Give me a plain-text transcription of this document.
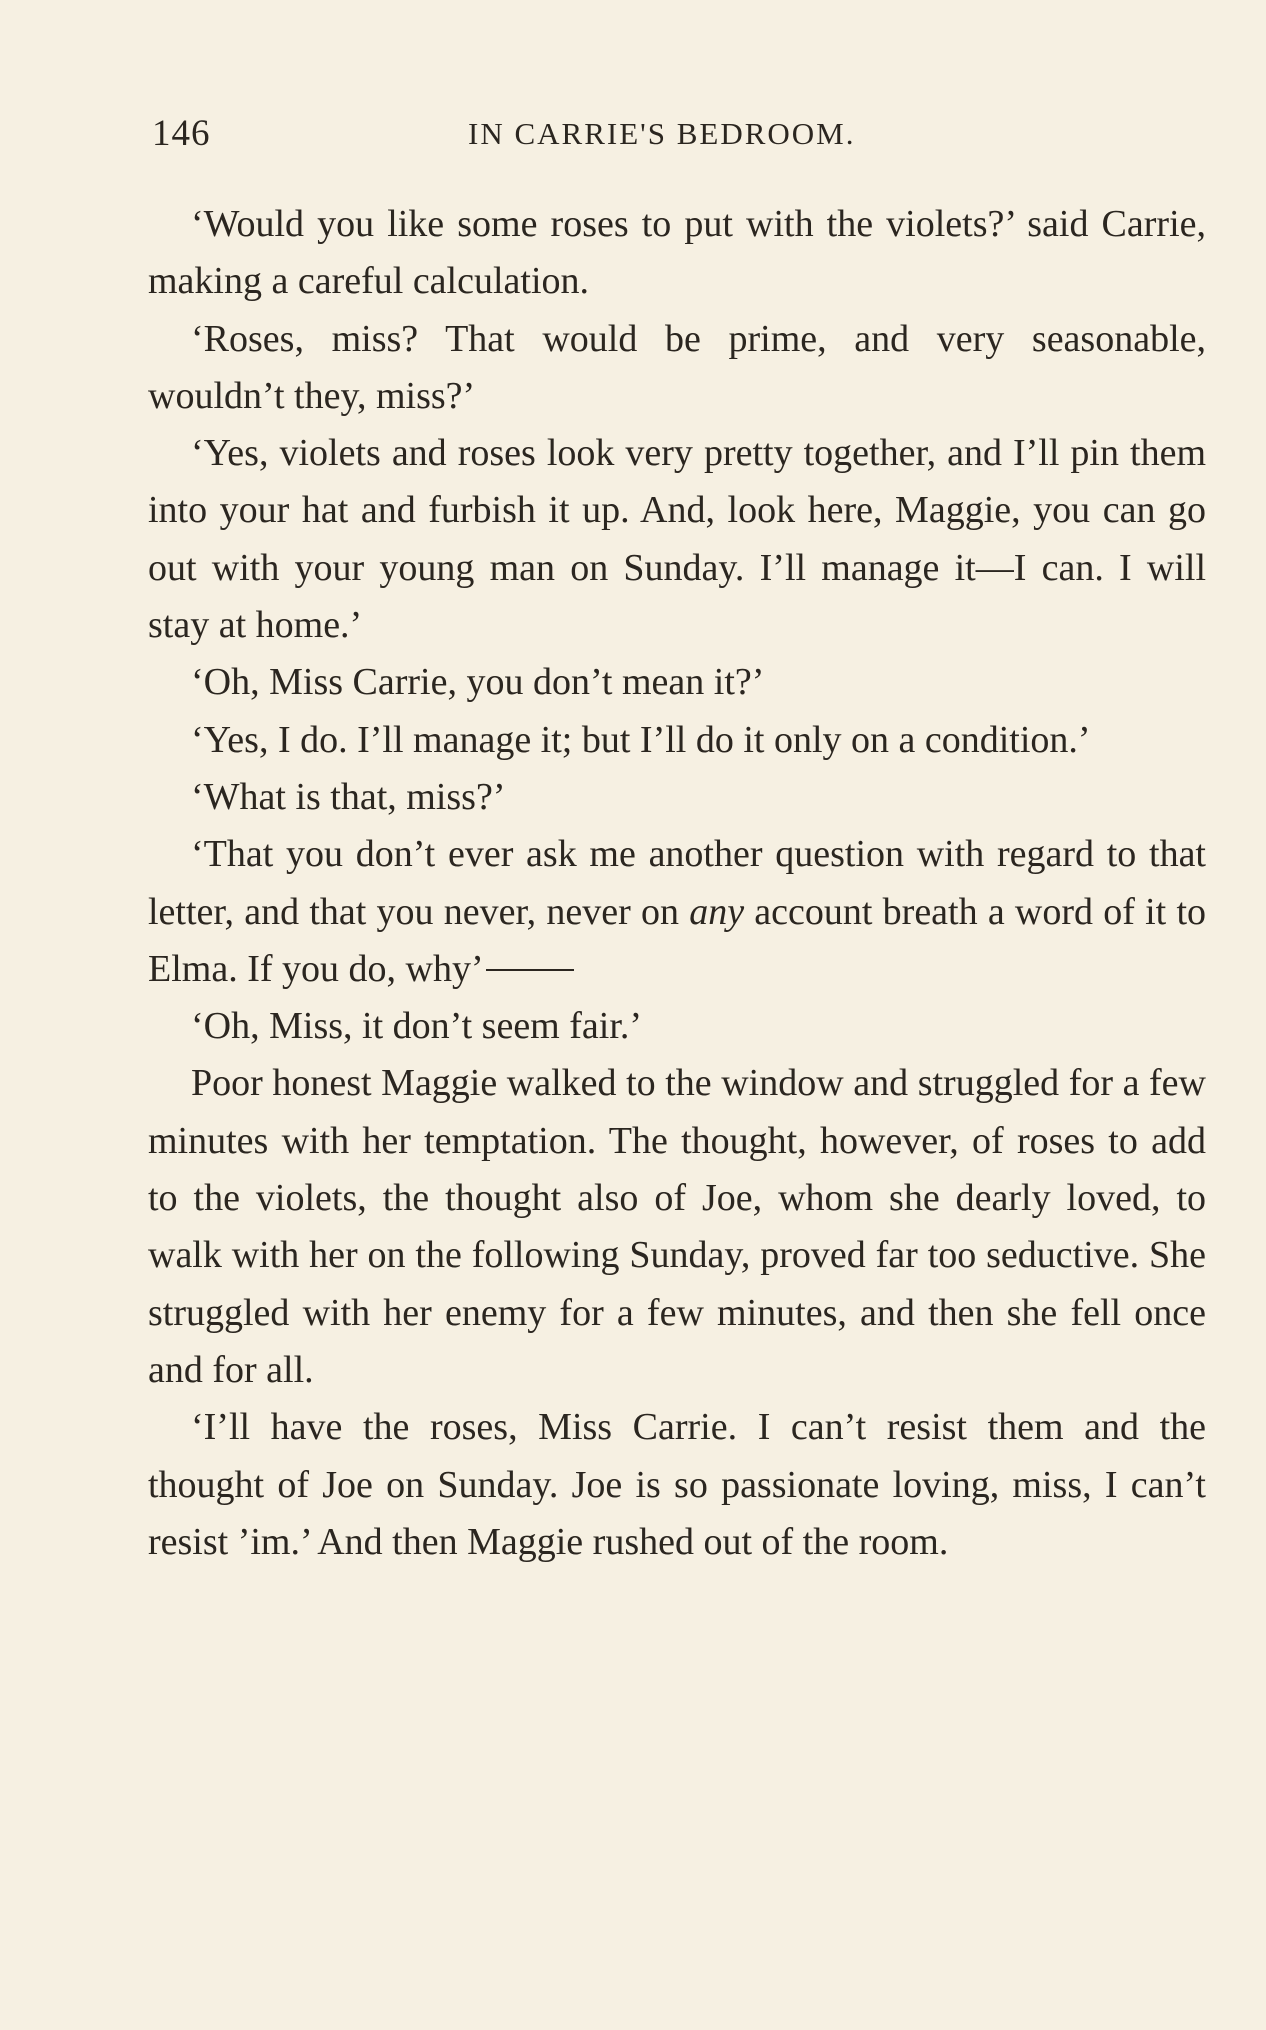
146	IN CARRIE'S BEDROOM.

‘Would you like some roses to put with the violets?’ said Carrie, making a careful calculation.

‘Roses, miss? That would be prime, and very seasonable, wouldn’t they, miss?’

‘Yes, violets and roses look very pretty together, and I’ll pin them into your hat and furbish it up. And, look here, Maggie, you can go out with your young man on Sunday. I’ll manage it—I can. I will stay at home.’

‘Oh, Miss Carrie, you don’t mean it?’

‘Yes, I do. I’ll manage it; but I’ll do it only on a condition.’

‘What is that, miss?’

‘That you don’t ever ask me another question with regard to that letter, and that you never, never on any account breath a word of it to Elma. If you do, why’

‘Oh, Miss, it don’t seem fair.’

Poor honest Maggie walked to the window and struggled for a few minutes with her temptation. The thought, however, of roses to add to the violets, the thought also of Joe, whom she dearly loved, to walk with her on the following Sunday, proved far too seductive. She struggled with her enemy for a few minutes, and then she fell once and for all.

‘I’ll have the roses, Miss Carrie. I can’t resist them and the thought of Joe on Sunday. Joe is so passionate loving, miss, I can’t resist ’im.’ And then Maggie rushed out of the room.
